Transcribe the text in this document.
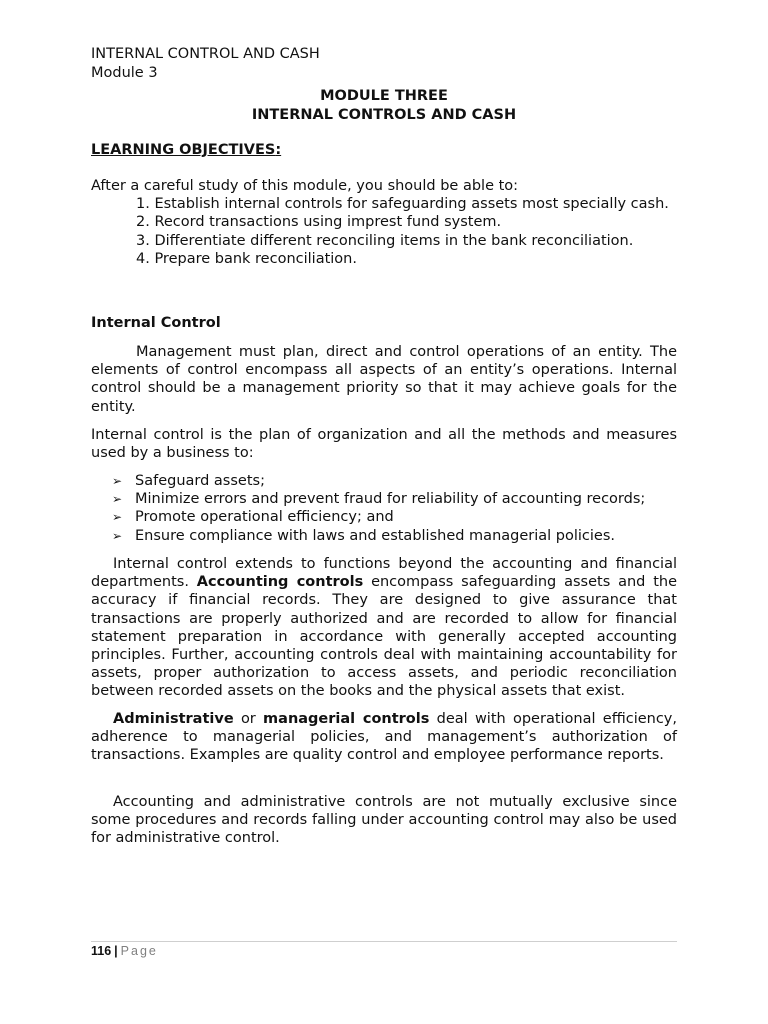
INTERNAL CONTROL AND CASH
Module 3
MODULE THREE
INTERNAL CONTROLS AND CASH
LEARNING OBJECTIVES:

After a careful study of this module, you should be able to:

1. Establish internal controls for safeguarding assets most specially cash.

2. Record transactions using imprest fund system.

3. Differentiate different reconciling items in the bank reconciliation.

4. Prepare bank reconciliation.

Internal Control

Management must plan, direct and control operations of an entity. The elements of control encompass all aspects of an entity’s operations. Internal control should be a management priority so that it may achieve goals for the entity.

Internal control is the plan of organization and all the methods and measures used by a business to:

➢ Safeguard assets;
➢ Minimize errors and prevent fraud for reliability of accounting records;
➢ Promote operational efficiency; and
➢ Ensure compliance with laws and established managerial policies.

Internal control extends to functions beyond the accounting and financial departments. Accounting controls encompass safeguarding assets and the accuracy if financial records. They are designed to give assurance that transactions are properly authorized and are recorded to allow for financial statement preparation in accordance with generally accepted accounting principles. Further, accounting controls deal with maintaining accountability for assets, proper authorization to access assets, and periodic reconciliation between recorded assets on the books and the physical assets that exist.

Administrative or managerial controls deal with operational efficiency, adherence to managerial policies, and management’s authorization of transactions. Examples are quality control and employee performance reports.

Accounting and administrative controls are not mutually exclusive since some procedures and records falling under accounting control may also be used for administrative control.

116 | Page
